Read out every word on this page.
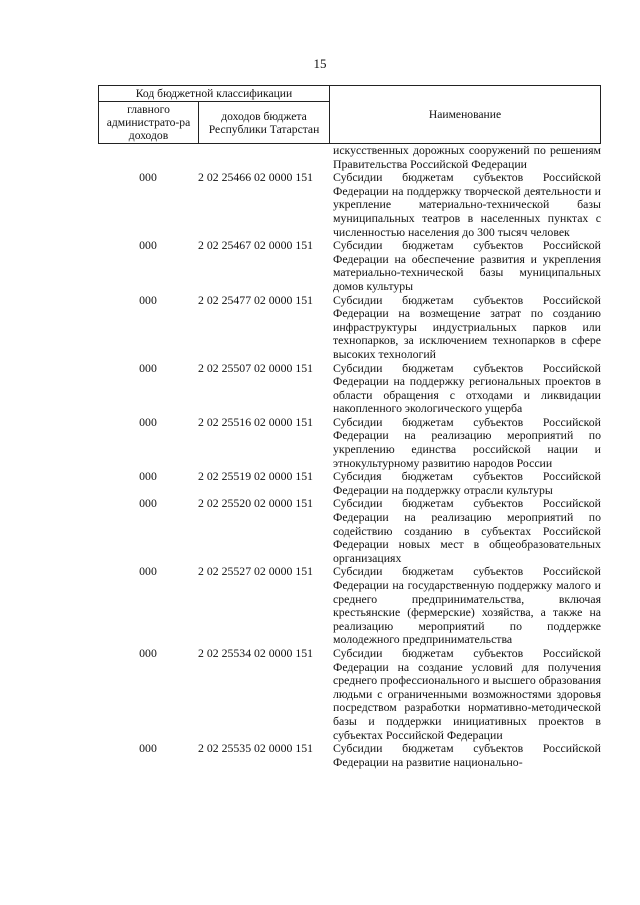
15
Код бюджетной классификации		Наименование
главного администрато-ра доходов	доходов бюджета Республики Татарстан	
искусственных дорожных сооружений по решениям Правительства Российской Федерации
000	2 02 25466 02 0000 151	Субсидии бюджетам субъектов Российской Федерации на поддержку творческой деятельности и укрепление материально-технической базы муниципальных театров в населенных пунктах с численностью населения до 300 тысяч человек
000	2 02 25467 02 0000 151	Субсидии бюджетам субъектов Российской Федерации на обеспечение развития и укрепления материально-технической базы муниципальных домов культуры
000	2 02 25477 02 0000 151	Субсидии бюджетам субъектов Российской Федерации на возмещение затрат по созданию инфраструктуры индустриальных парков или технопарков, за исключением технопарков в сфере высоких технологий
000	2 02 25507 02 0000 151	Субсидии бюджетам субъектов Российской Федерации на поддержку региональных проектов в области обращения с отходами и ликвидации накопленного экологического ущерба
000	2 02 25516 02 0000 151	Субсидии бюджетам субъектов Российской Федерации на реализацию мероприятий по укреплению единства российской нации и этнокультурному развитию народов России
000	2 02 25519 02 0000 151	Субсидия бюджетам субъектов Российской Федерации на поддержку отрасли культуры
000	2 02 25520 02 0000 151	Субсидии бюджетам субъектов Российской Федерации на реализацию мероприятий по содействию созданию в субъектах Российской Федерации новых мест в общеобразовательных организациях
000	2 02 25527 02 0000 151	Субсидии бюджетам субъектов Российской Федерации на государственную поддержку малого и среднего предпринимательства, включая крестьянские (фермерские) хозяйства, а также на реализацию мероприятий по поддержке молодежного предпринимательства
000	2 02 25534 02 0000 151	Субсидии бюджетам субъектов Российской Федерации на создание условий для получения среднего профессионального и высшего образования людьми с ограниченными возможностями здоровья посредством разработки нормативно-методической базы и поддержки инициативных проектов в субъектах Российской Федерации
000	2 02 25535 02 0000 151	Субсидии бюджетам субъектов Российской Федерации на развитие национально-
